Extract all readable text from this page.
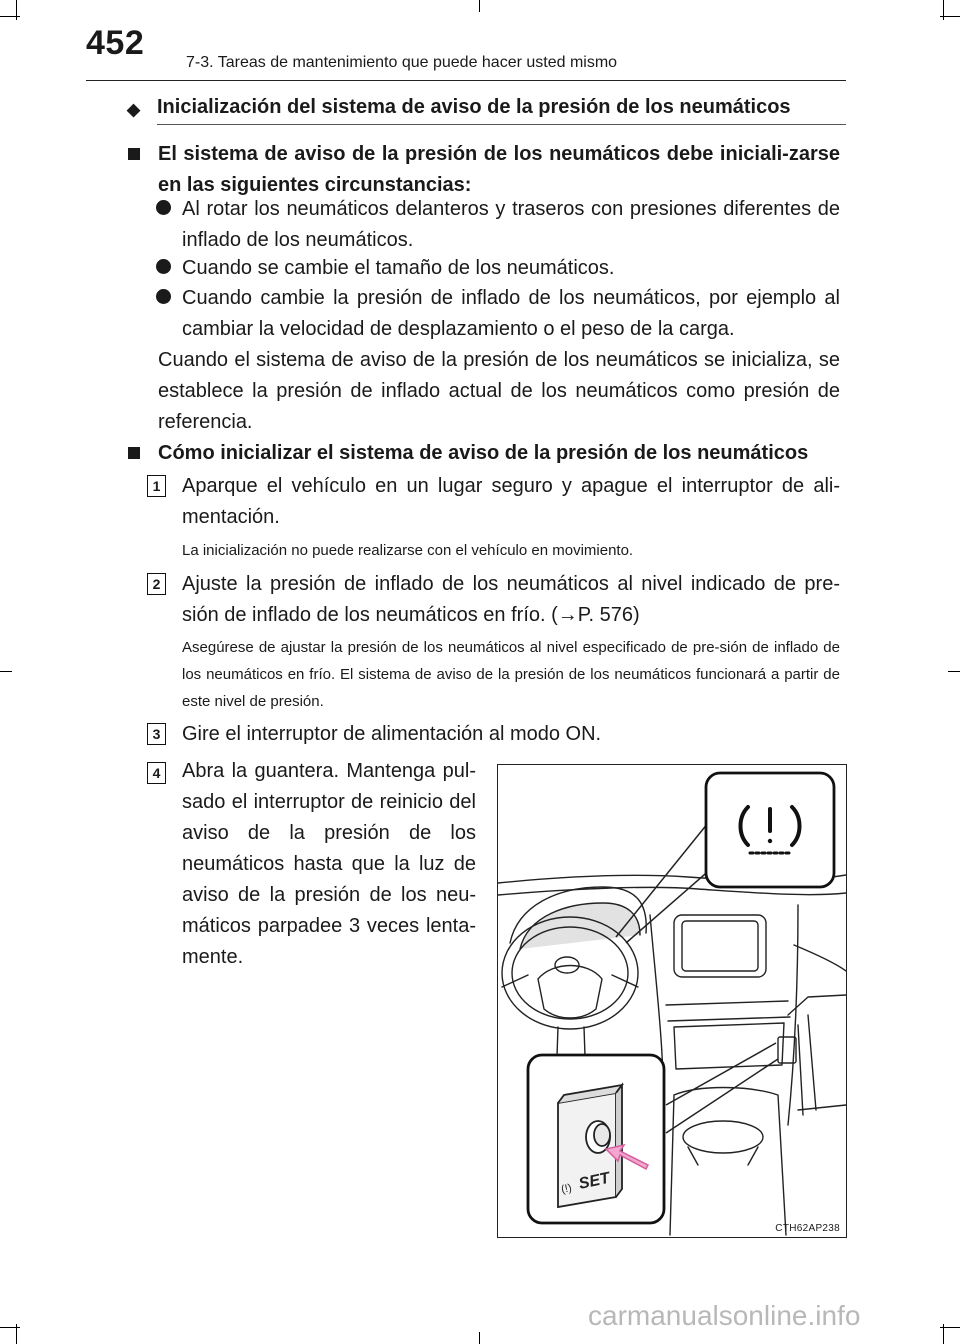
452
7-3. Tareas de mantenimiento que puede hacer usted mismo
◆ Inicialización del sistema de aviso de la presión de los neumáticos
El sistema de aviso de la presión de los neumáticos debe iniciali-zarse en las siguientes circunstancias:
Al rotar los neumáticos delanteros y traseros con presiones diferentes de inflado de los neumáticos.
Cuando se cambie el tamaño de los neumáticos.
Cuando cambie la presión de inflado de los neumáticos, por ejemplo al cambiar la velocidad de desplazamiento o el peso de la carga.
Cuando el sistema de aviso de la presión de los neumáticos se inicializa, se establece la presión de inflado actual de los neumáticos como presión de referencia.
Cómo inicializar el sistema de aviso de la presión de los neumáticos
1 Aparque el vehículo en un lugar seguro y apague el interruptor de ali-mentación.
La inicialización no puede realizarse con el vehículo en movimiento.
2 Ajuste la presión de inflado de los neumáticos al nivel indicado de pre-sión de inflado de los neumáticos en frío. (→P. 576)
Asegúrese de ajustar la presión de los neumáticos al nivel especificado de pre-sión de inflado de los neumáticos en frío. El sistema de aviso de la presión de los neumáticos funcionará a partir de este nivel de presión.
3 Gire el interruptor de alimentación al modo ON.
4 Abra la guantera. Mantenga pul-sado el interruptor de reinicio del aviso de la presión de los neumáticos hasta que la luz de aviso de la presión de los neu-máticos parpadee 3 veces lenta-mente.
SET
(!)
CTH62AP238
carmanualsonline.info
